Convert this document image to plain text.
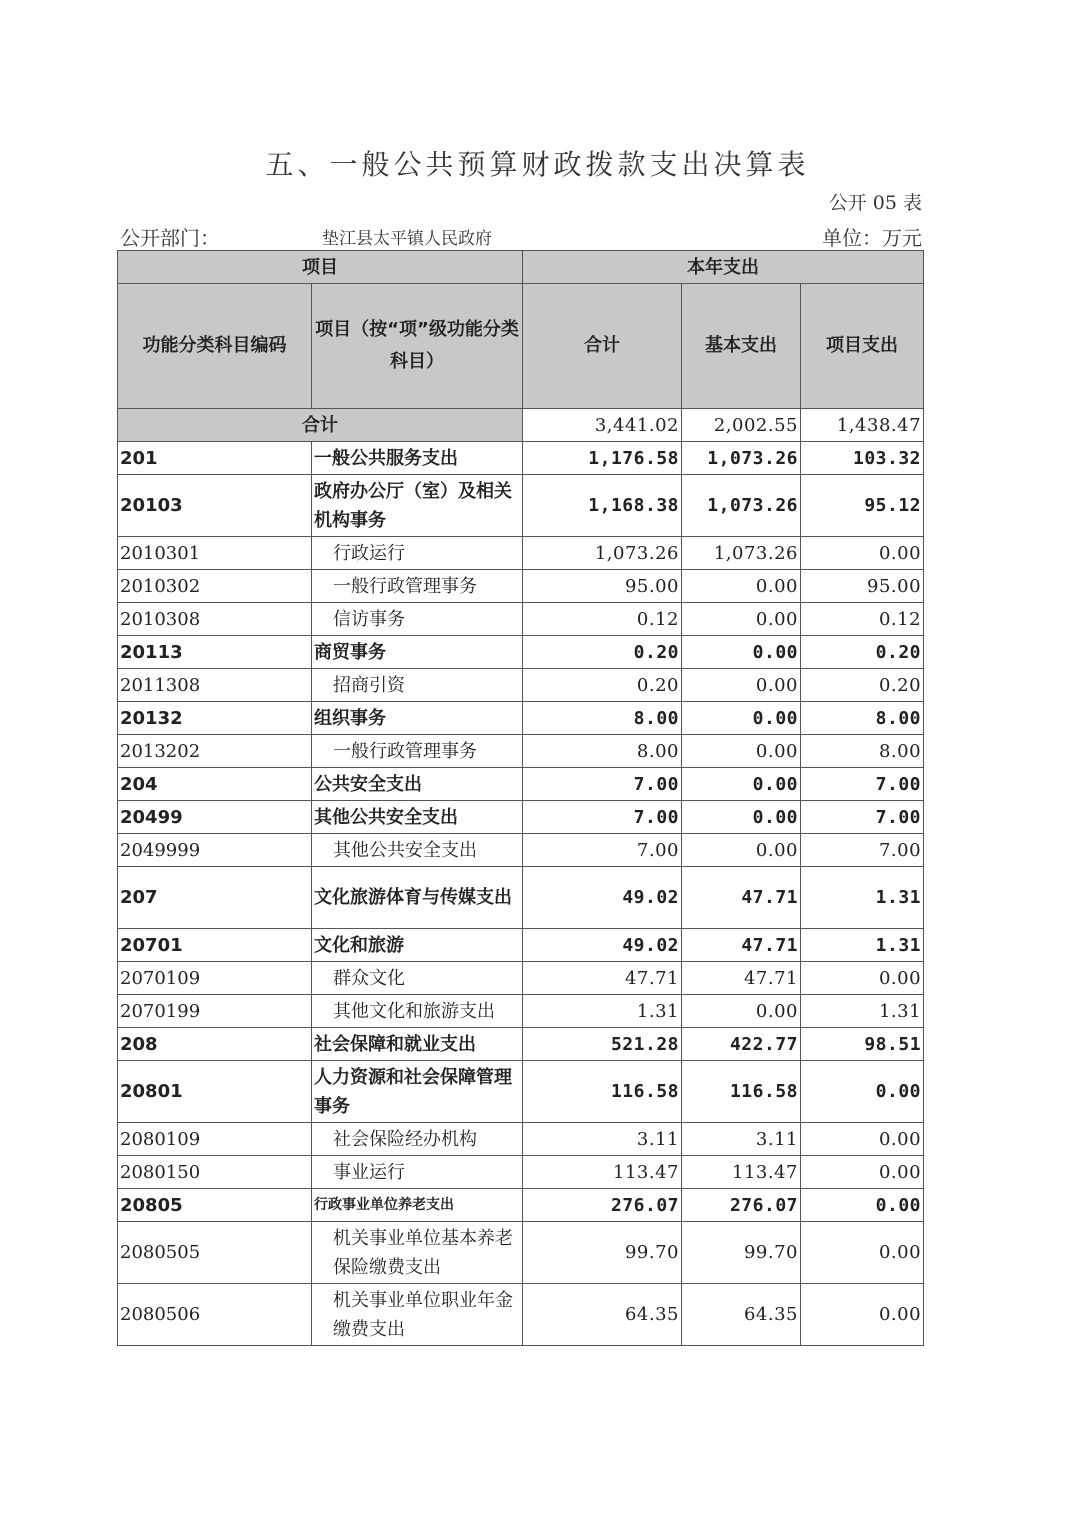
五、一般公共预算财政拨款支出决算表
公开 05 表
公开部门：	垫江县太平镇人民政府	单位：万元
项目		本年支出		
功能分类科目编码	项目（按“项”级功能分类科目）	合计	基本支出	项目支出
合计		3,441.02	2,002.55	1,438.47
201	一般公共服务支出	1,176.58	1,073.26	103.32
20103	政府办公厅（室）及相关机构事务	1,168.38	1,073.26	95.12
2010301	行政运行	1,073.26	1,073.26	0.00
2010302	一般行政管理事务	95.00	0.00	95.00
2010308	信访事务	0.12	0.00	0.12
20113	商贸事务	0.20	0.00	0.20
2011308	招商引资	0.20	0.00	0.20
20132	组织事务	8.00	0.00	8.00
2013202	一般行政管理事务	8.00	0.00	8.00
204	公共安全支出	7.00	0.00	7.00
20499	其他公共安全支出	7.00	0.00	7.00
2049999	其他公共安全支出	7.00	0.00	7.00
207	文化旅游体育与传媒支出	49.02	47.71	1.31
20701	文化和旅游	49.02	47.71	1.31
2070109	群众文化	47.71	47.71	0.00
2070199	其他文化和旅游支出	1.31	0.00	1.31
208	社会保障和就业支出	521.28	422.77	98.51
20801	人力资源和社会保障管理事务	116.58	116.58	0.00
2080109	社会保险经办机构	3.11	3.11	0.00
2080150	事业运行	113.47	113.47	0.00
20805	行政事业单位养老支出	276.07	276.07	0.00
2080505	机关事业单位基本养老保险缴费支出	99.70	99.70	0.00
2080506	机关事业单位职业年金缴费支出	64.35	64.35	0.00
